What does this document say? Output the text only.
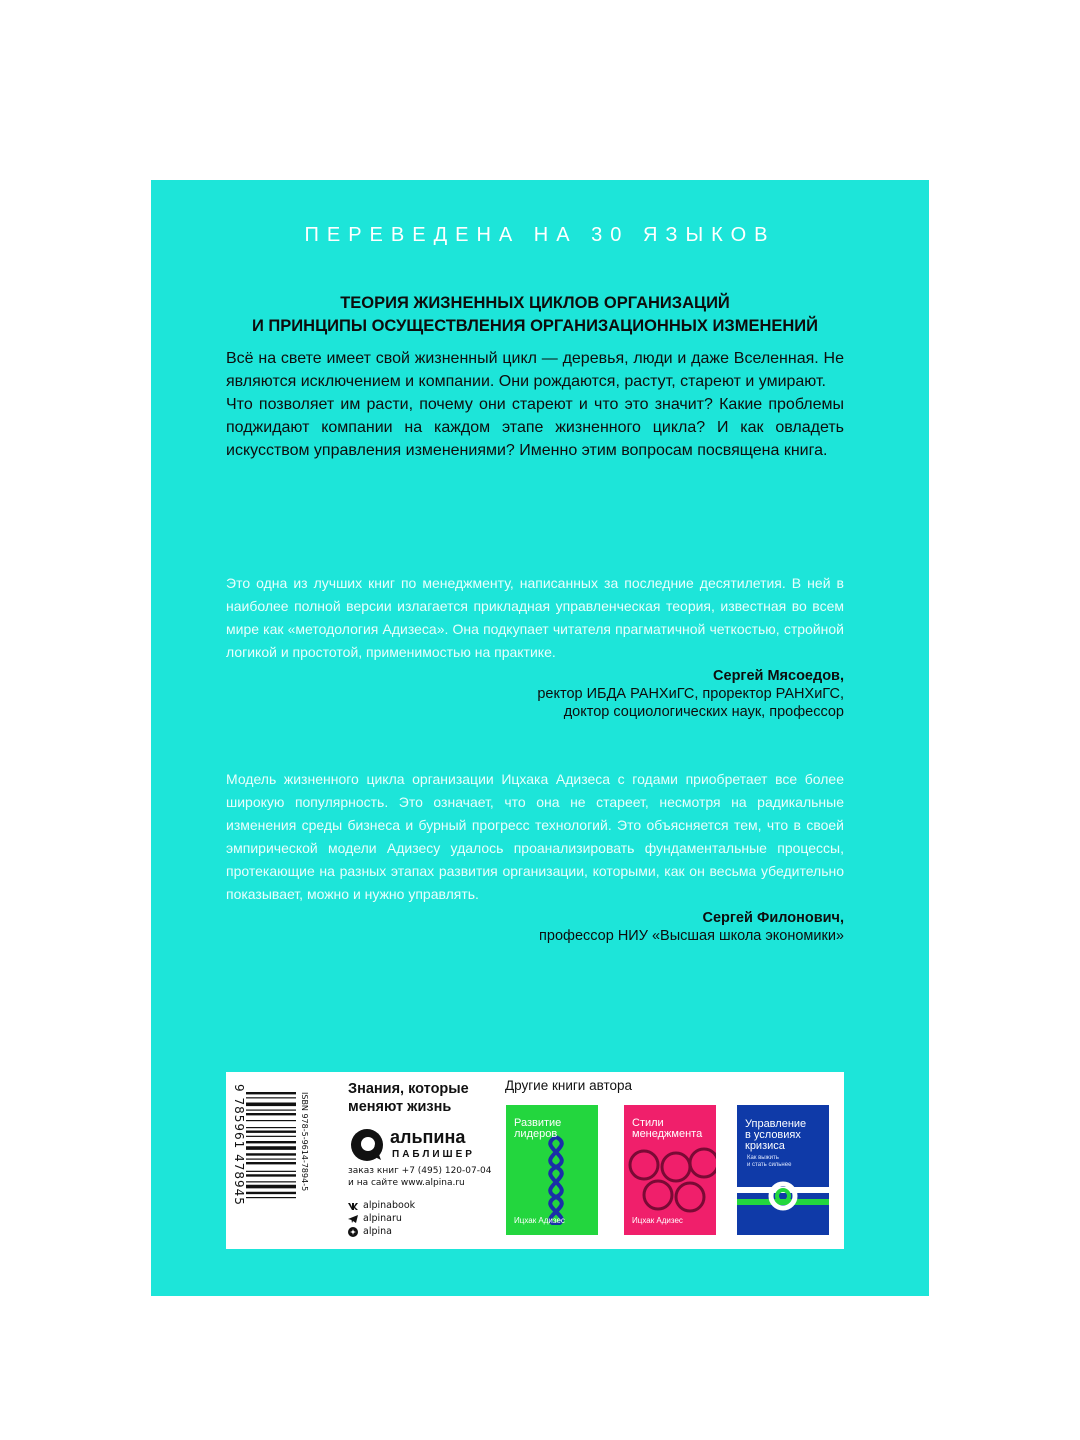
ПЕРЕВЕДЕНА НА 30 ЯЗЫКОВ
ТЕОРИЯ ЖИЗНЕННЫХ ЦИКЛОВ ОРГАНИЗАЦИЙ
И ПРИНЦИПЫ ОСУЩЕСТВЛЕНИЯ ОРГАНИЗАЦИОННЫХ ИЗМЕНЕНИЙ

Всё на свете имеет свой жизненный цикл — деревья, люди и даже Вселенная. Не являются исключением и компании. Они рождаются, растут, стареют и умирают.

Что позволяет им расти, почему они стареют и что это значит? Какие проблемы поджидают компании на каждом этапе жизненного цикла? И как овладеть искусством управления изменениями? Именно этим вопросам посвящена книга.

Это одна из лучших книг по менеджменту, написанных за последние десятилетия. В ней в наиболее полной версии излагается прикладная управленческая теория, известная во всем мире как «методология Адизеса». Она подкупает читателя прагматичной четкостью, стройной логикой и простотой, применимостью на практике.
Сергей Мясоедов,
ректор ИБДА РАНХиГС, проректор РАНХиГС,
доктор социологических наук, профессор
Модель жизненного цикла организации Ицхака Адизеса с годами приобретает все более широкую популярность. Это означает, что она не стареет, несмотря на радикальные изменения среды бизнеса и бурный прогресс технологий. Это объясняется тем, что в своей эмпирической модели Адизесу удалось проанализировать фундаментальные процессы, протекающие на разных этапах развития организации, которыми, как он весьма убедительно показывает, можно и нужно управлять.
Сергей Филонович,
профессор НИУ «Высшая школа экономики»
9 785961 478945	ISBN 978-5-9614-7894-5
Знания, которые
меняют жизнь
альпина
ПАБЛИШЕР
заказ книг +7 (495) 120-07-04
и на сайте www.alpina.ru
alpinabook
alpinaru
alpina
Другие книги автора
Развитие
лидеров
Ицхак Адизес
Стили
менеджмента
Ицхак Адизес
Управление
в условиях
кризиса
Как выжить
и стать сильнее
